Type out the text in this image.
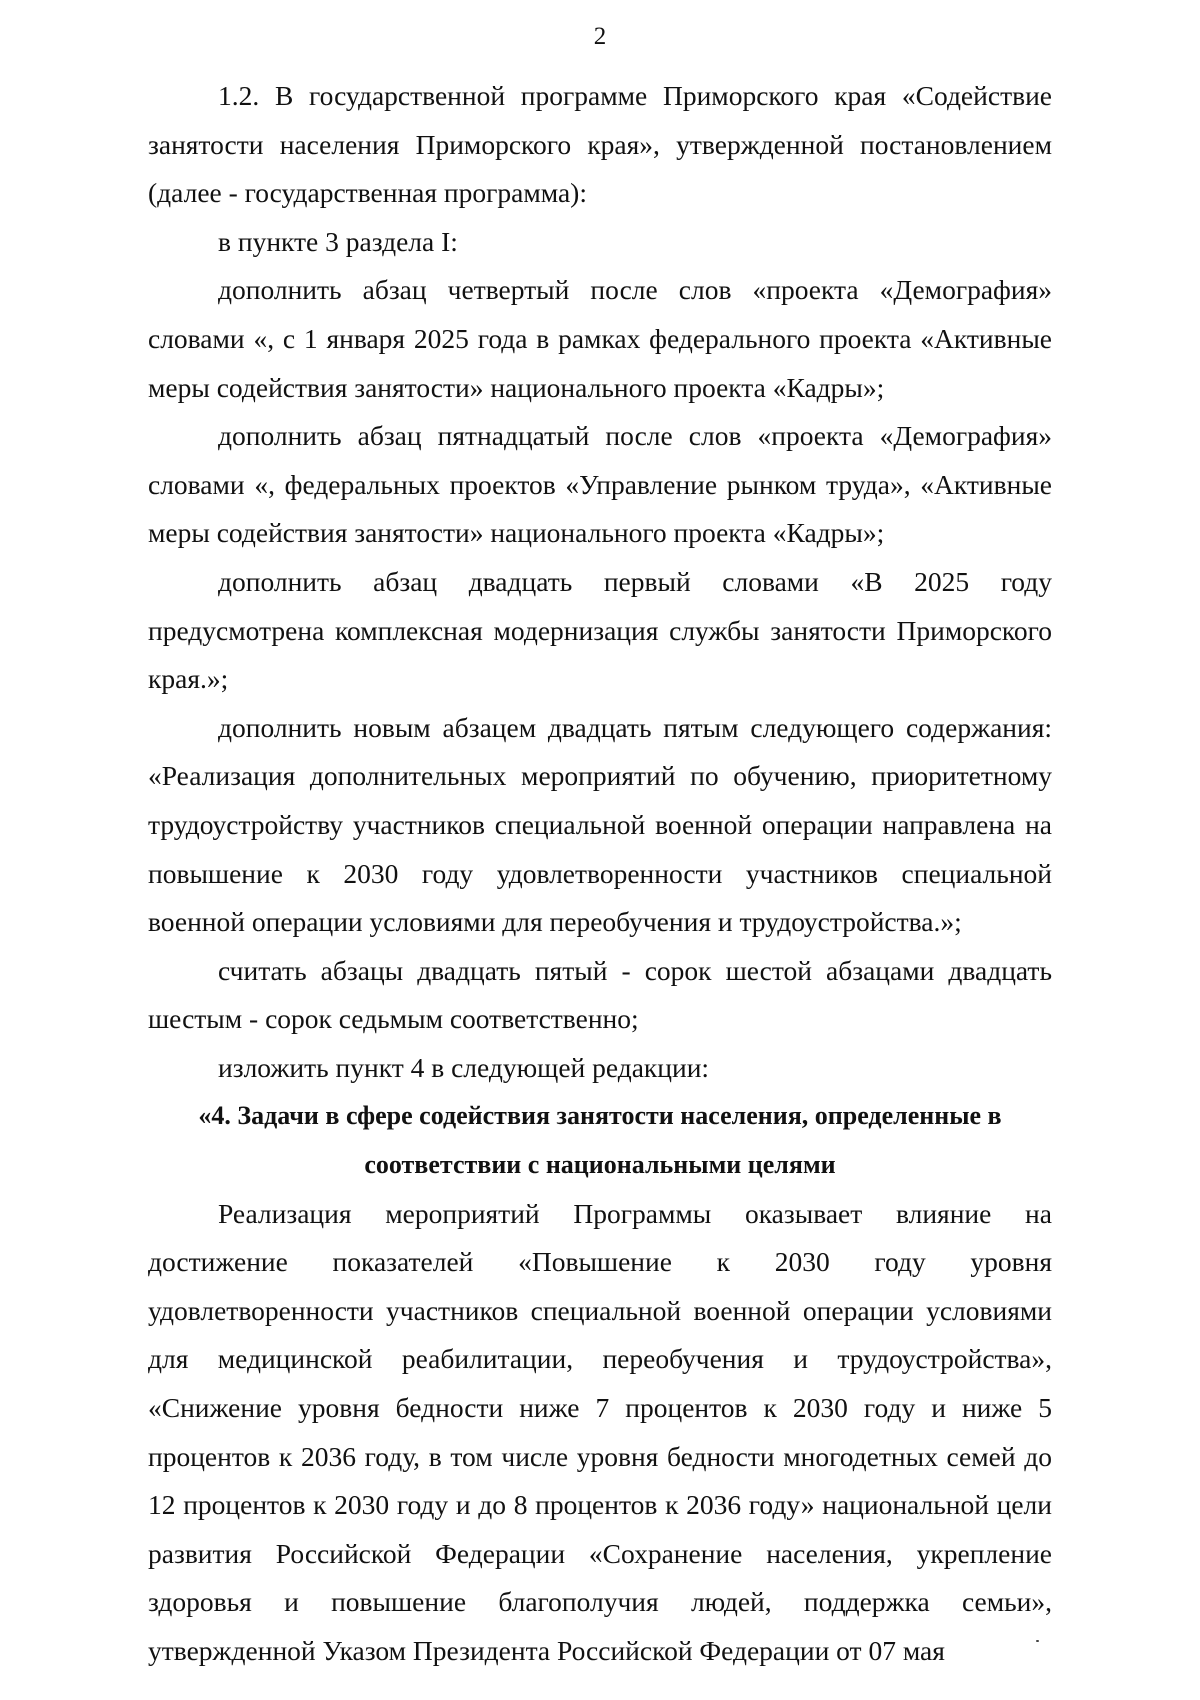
2

1.2. В государственной программе Приморского края «Содействие занятости населения Приморского края», утвержденной постановлением (далее - государственная программа):

в пункте 3 раздела I:

дополнить абзац четвертый после слов «проекта «Демография» словами «, с 1 января 2025 года в рамках федерального проекта «Активные меры содействия занятости» национального проекта «Кадры»;

дополнить абзац пятнадцатый после слов «проекта «Демография» словами «, федеральных проектов «Управление рынком труда», «Активные меры содействия занятости» национального проекта «Кадры»;

дополнить абзац двадцать первый словами «В 2025 году предусмотрена комплексная модернизация службы занятости Приморского края.»;

дополнить новым абзацем двадцать пятым следующего содержания: «Реализация дополнительных мероприятий по обучению, приоритетному трудоустройству участников специальной военной операции направлена на повышение к 2030 году удовлетворенности участников специальной военной операции условиями для переобучения и трудоустройства.»;

считать абзацы двадцать пятый - сорок шестой абзацами двадцать шестым - сорок седьмым соответственно;

изложить пункт 4 в следующей редакции:

«4. Задачи в сфере содействия занятости населения, определенные в
соответствии с национальными целями

Реализация мероприятий Программы оказывает влияние на достижение показателей «Повышение к 2030 году уровня удовлетворенности участников специальной военной операции условиями для медицинской реабилитации, переобучения и трудоустройства», «Снижение уровня бедности ниже 7 процентов к 2030 году и ниже 5 процентов к 2036 году, в том числе уровня бедности многодетных семей до 12 процентов к 2030 году и до 8 процентов к 2036 году» национальной цели развития Российской Федерации «Сохранение населения, укрепление здоровья и повышение благополучия людей, поддержка семьи», утвержденной Указом Президента Российской Федерации от 07 мая
